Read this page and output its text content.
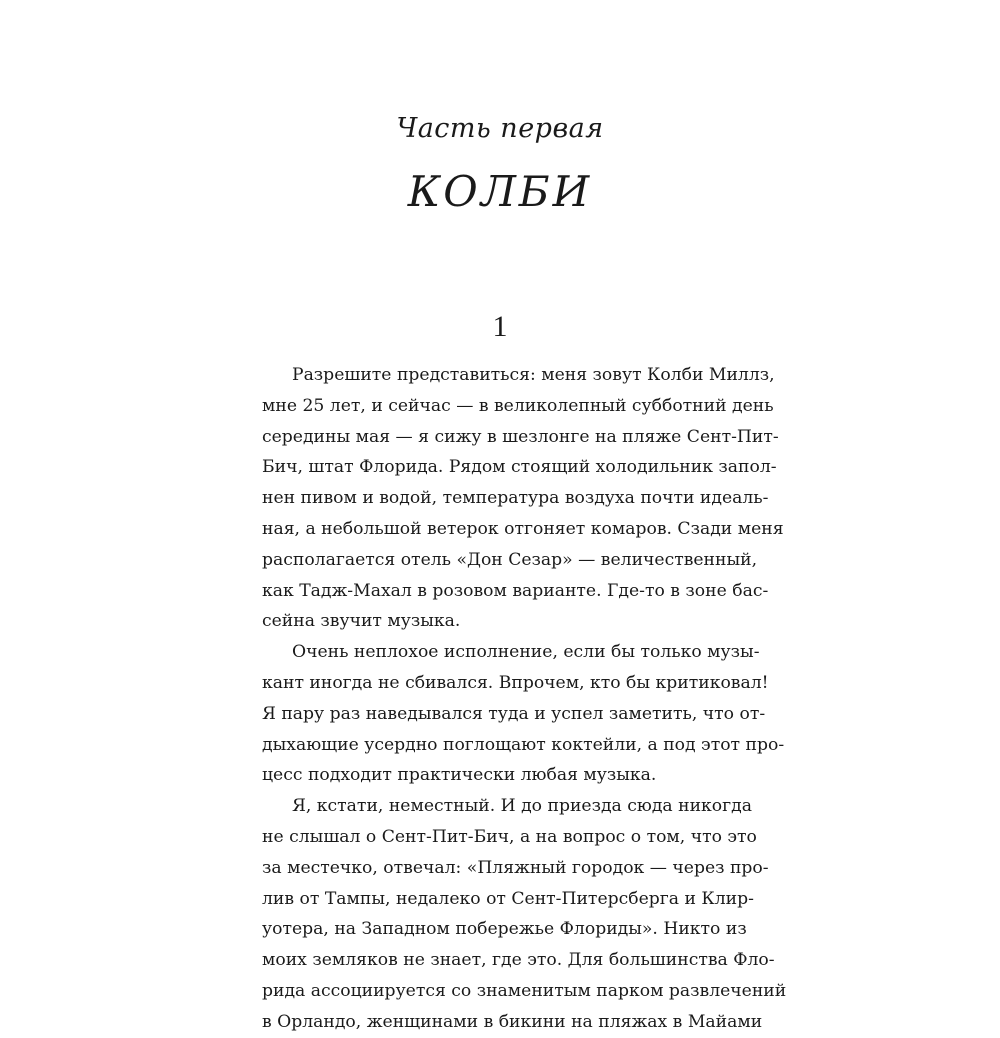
Часть первая
КОЛБИ
1
Разрешите представиться: меня зовут Колби Миллз,
мне 25 лет, и сейчас — в великолепный субботний день
середины мая — я сижу в шезлонге на пляже Сент-Пит-
Бич, штат Флорида. Рядом стоящий холодильник запол-
нен пивом и водой, температура воздуха почти идеаль-
ная, а небольшой ветерок отгоняет комаров. Сзади меня
располагается отель «Дон Сезар» — величественный,
как Тадж-Махал в розовом варианте. Где-то в зоне бас-
сейна звучит музыка.
Очень неплохое исполнение, если бы только музы-
кант иногда не сбивался. Впрочем, кто бы критиковал!
Я пару раз наведывался туда и успел заметить, что от-
дыхающие усердно поглощают коктейли, а под этот про-
цесс подходит практически любая музыка.
Я, кстати, неместный. И до приезда сюда никогда
не слышал о Сент-Пит-Бич, а на вопрос о том, что это
за местечко, отвечал: «Пляжный городок — через про-
лив от Тампы, недалеко от Сент-Питерсберга и Клир-
уотера, на Западном побережье Флориды». Никто из
моих земляков не знает, где это. Для большинства Фло-
рида ассоциируется со знаменитым парком развлечений
в Орландо, женщинами в бикини на пляжах в Майами
